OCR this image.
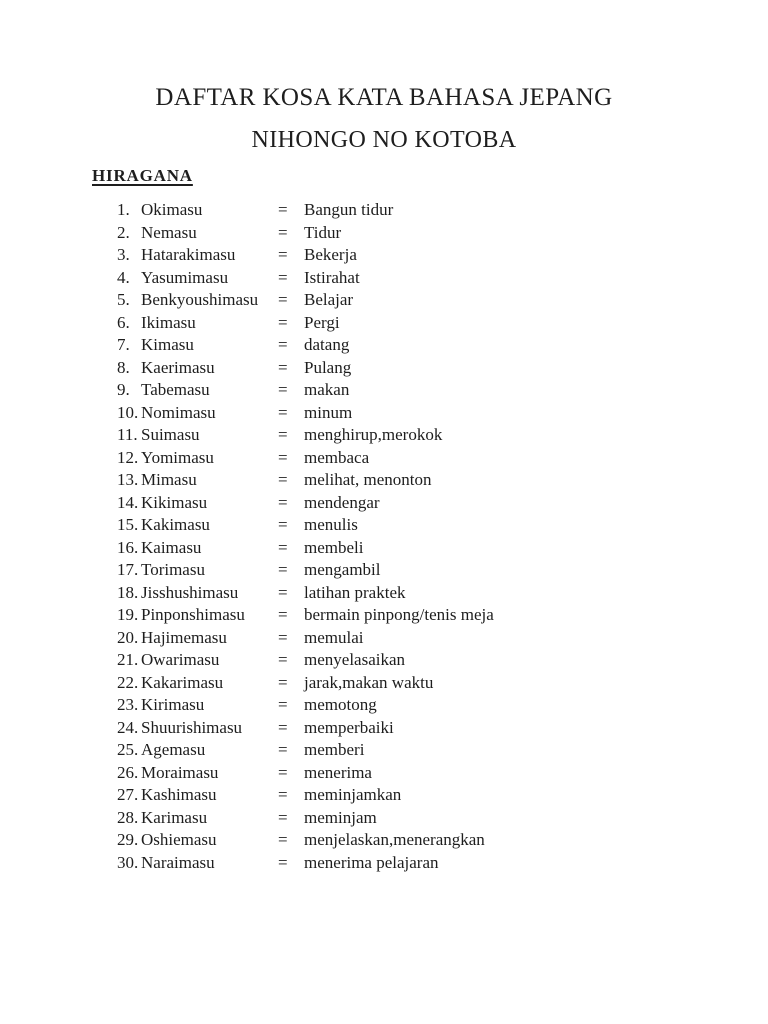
DAFTAR KOSA KATA BAHASA JEPANG
NIHONGO NO KOTOBA
HIRAGANA
1. Okimasu	= Bangun tidur
2. Nemasu	= Tidur
3. Hatarakimasu	= Bekerja
4. Yasumimasu	= Istirahat
5. Benkyoushimasu	= Belajar
6. Ikimasu	= Pergi
7. Kimasu	= datang
8. Kaerimasu	= Pulang
9. Tabemasu	= makan
10. Nomimasu	= minum
11. Suimasu	= menghirup,merokok
12. Yomimasu	= membaca
13. Mimasu	= melihat, menonton
14. Kikimasu	= mendengar
15. Kakimasu	= menulis
16. Kaimasu	= membeli
17. Torimasu	= mengambil
18. Jisshushimasu	= latihan praktek
19. Pinponshimasu	= bermain pinpong/tenis meja
20. Hajimemasu	= memulai
21. Owarimasu	= menyelasaikan
22. Kakarimasu	= jarak,makan waktu
23. Kirimasu	= memotong
24. Shuurishimasu	= memperbaiki
25. Agemasu	= memberi
26. Moraimasu	= menerima
27. Kashimasu	= meminjamkan
28. Karimasu	= meminjam
29. Oshiemasu	= menjelaskan,menerangkan
30. Naraimasu	= menerima pelajaran
